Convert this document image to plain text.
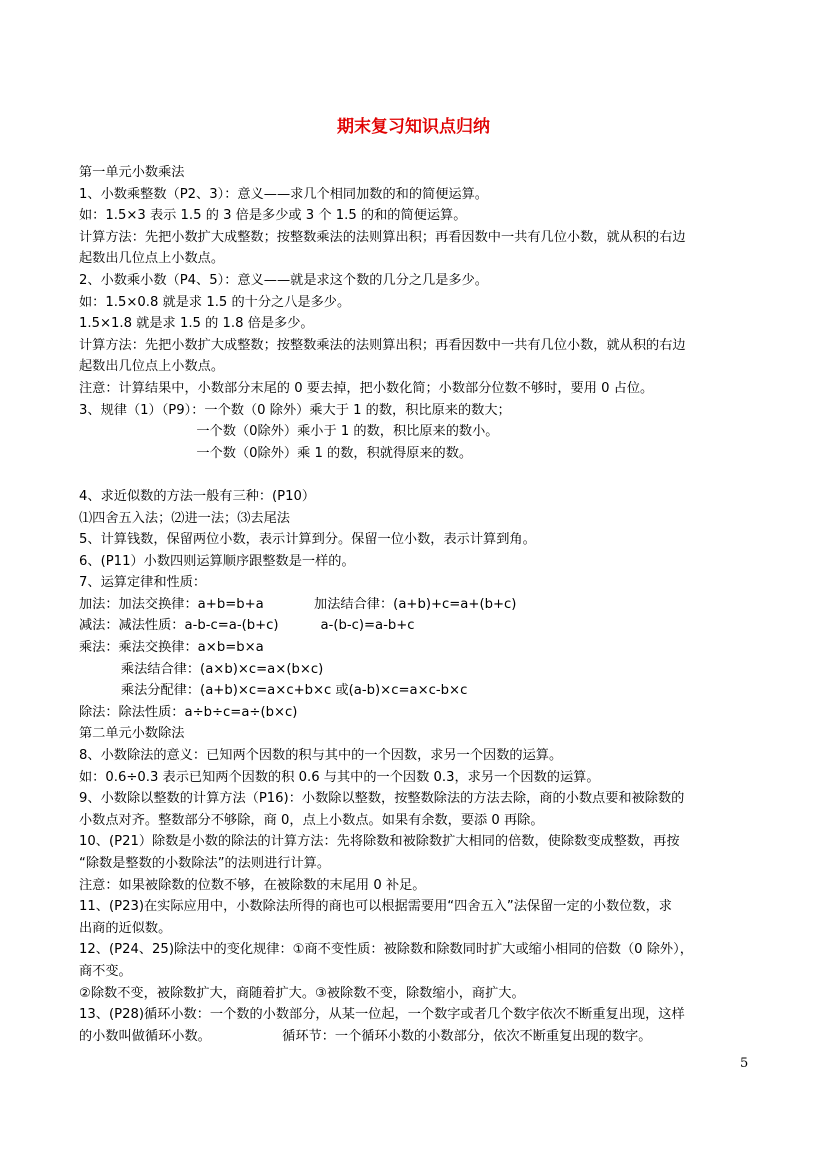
期末复习知识点归纳
第一单元小数乘法
1、小数乘整数（P2、3）：意义——求几个相同加数的和的简便运算。
如：1.5×3 表示 1.5 的 3 倍是多少或 3 个 1.5 的和的简便运算。
计算方法：先把小数扩大成整数；按整数乘法的法则算出积；再看因数中一共有几位小数，就从积的右边
起数出几位点上小数点。
2、小数乘小数（P4、5）：意义——就是求这个数的几分之几是多少。
如：1.5×0.8 就是求 1.5 的十分之八是多少。
1.5×1.8 就是求 1.5 的 1.8 倍是多少。
计算方法：先把小数扩大成整数；按整数乘法的法则算出积；再看因数中一共有几位小数，就从积的右边
起数出几位点上小数点。
注意：计算结果中，小数部分末尾的 0 要去掉，把小数化简；小数部分位数不够时，要用 0 占位。
3、规律（1）（P9）：一个数（0 除外）乘大于 1 的数，积比原来的数大；
一个数（0除外）乘小于 1 的数，积比原来的数小。
一个数（0除外）乘 1 的数，积就得原来的数。
4、求近似数的方法一般有三种：(P10）
⑴四舍五入法；⑵进一法；⑶去尾法
5、计算钱数，保留两位小数，表示计算到分。保留一位小数，表示计算到角。
6、(P11）小数四则运算顺序跟整数是一样的。
7、运算定律和性质：
加法：加法交换律：a+b=b+a            加法结合律：(a+b)+c=a+(b+c)
减法：减法性质：a-b-c=a-(b+c)          a-(b-c)=a-b+c
乘法：乘法交换律：a×b=b×a
乘法结合律：(a×b)×c=a×(b×c)
乘法分配律：(a+b)×c=a×c+b×c 或(a-b)×c=a×c-b×c
除法：除法性质：a÷b÷c=a÷(b×c)
第二单元小数除法
8、小数除法的意义：已知两个因数的积与其中的一个因数，求另一个因数的运算。
如：0.6÷0.3 表示已知两个因数的积 0.6 与其中的一个因数 0.3，求另一个因数的运算。
9、小数除以整数的计算方法（P16)：小数除以整数，按整数除法的方法去除，商的小数点要和被除数的
小数点对齐。整数部分不够除，商 0，点上小数点。如果有余数，要添 0 再除。
10、(P21）除数是小数的除法的计算方法：先将除数和被除数扩大相同的倍数，使除数变成整数，再按
“除数是整数的小数除法”的法则进行计算。
注意：如果被除数的位数不够，在被除数的末尾用 0 补足。
11、(P23)在实际应用中，小数除法所得的商也可以根据需要用“四舍五入”法保留一定的小数位数，求
出商的近似数。
12、(P24、25)除法中的变化规律：①商不变性质：被除数和除数同时扩大或缩小相同的倍数（0 除外），
商不变。
②除数不变，被除数扩大，商随着扩大。③被除数不变，除数缩小，商扩大。
13、(P28)循环小数：一个数的小数部分，从某一位起，一个数字或者几个数字依次不断重复出现，这样
的小数叫做循环小数。                 循环节：一个循环小数的小数部分，依次不断重复出现的数字。
5
